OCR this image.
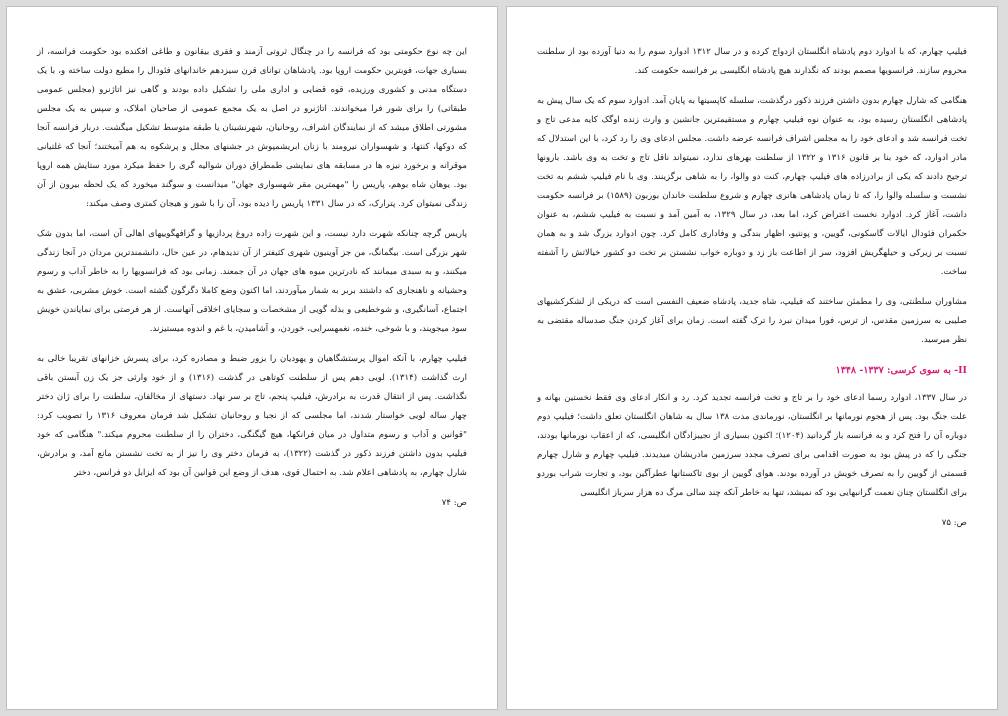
این چه نوع حکومتی بود که فرانسه را در چنگال ثروتی آزمند و فقری بیقانون و طاغی افکنده بود حکومت فرانسه، از بسیاری جهات، فوبترین حکومت اروپا بود. پادشاهان توانای قرن سیزدهم خاندانهای فئودال را مطیع دولت ساخته و، با یک دستگاه مدنی و کشوری ورزیده، قوه قضایی و اداری ملی را تشکیل داده بودند و گاهی نیز اتاژنرو (مجلس عمومی طبقاتی) را برای شور فرا میخواندند. اتاژنرو در اصل به یک مجمع عمومی از صاحبان املاک، و سپس به یک مجلس مشورتی اطلاق میشد که از نمایندگان اشراف، روحانیان، شهرنشینان یا طبقه متوسط تشکیل میگشت. دربار فرانسه آنجا که دوکها، کنتها، و شهسواران نیرومند با زنان ابریشمپوش در جشنهای مجلل و پرشکوه به هم آمیختند؛ آنجا که غلتیانی موقرانه و برخورد نیزه ها در مسابقه های نمایشی طمطراق دوران شوالیه گری را حفظ میکرد مورد ستایش همه اروپا بود. یوهان شاه بوهم، پاریس را "مهمترین مقر شهسواری جهان" میدانست و سوگند میخورد که یک لحظه بیرون از آن زندگی نمیتوان کرد. پترارک، که در سال ١٣٣١ پاریس را دیده بود، آن را با شور و هیجان کمتری وصف میکند:

پاریس گرچه چنانکه شهرت دارد نیست، و این شهرت زاده دروغ پردازیها و گزافهگوییهای اهالی آن است، اما بدون شک شهر بزرگی است. بیگمانگ، من جز آوینیون شهری کثیفتر از آن ندیدهام، در عین حال، دانشمندترین مردان در آنجا زندگی میکنند، و به سبدی میمانند که نادرترین میوه های جهان در آن جمعند. زمانی بود که فرانسویها را به خاطر آداب و رسوم وحشیانه و ناهنجاری که داشتند بربر به شمار میآوردند، اما اکنون وضع کاملا دگرگون گشته است. خوش مشربی، عشق به اجتماع، آسانگیری، و شوخطبعی و بذله گویی از مشخصات و سجایای اخلاقی آنهاست. از هر فرصتی برای نمایاندن خویش سود میجویند، و با شوخی، خنده، نغمهسرایی، خوردن، و آشامیدن، با غم و اندوه میستیزند.

فیلیپ چهارم، با آنکه اموال پرستشگاهیان و یهودیان را بزور ضبط و مصادره کرد، برای پسرش خزانهای تقریبا خالی به ارث گذاشت (١٣١۴). لویی دهم پس از سلطنت کوتاهی در گذشت (١٣١۶) و از خود وارثی جز یک زن آبستن باقی نگذاشت. پس از انتقال قدرت به برادرش، فیلیپ پنجم، تاج بر سر نهاد. دستهای از مخالفان، سلطنت را برای ژان دختر چهار ساله لویی خواستار شدند، اما مجلسی که از نجبا و روحانیان تشکیل شد فرمان معروف ١٣١۶ را تصویب کرد: "قوانین و آداب و رسوم متداول در میان فرانکها، هیچ گیگنگی، دختران را از سلطنت محروم میکند." هنگامی که خود فیلیپ بدون داشتن فرزند ذکور در گذشت (١٣٢٢)، به فرمان دختر وی را نیز از به تخت نشستن مانع آمد، و برادرش، شارل چهارم، به پادشاهی اعلام شد. به احتمال قوی، هدف از وضع این قوانین آن بود که ایزابل دو فرانس، دختر

ص: ٧۴

فیلیپ چهارم، که با ادوارد دوم پادشاه انگلستان ازدواج کرده و در سال ١٣١٢ ادوارد سوم را به دنیا آورده بود از سلطنت محروم سازند. فرانسویها مصمم بودند که نگذارند هیچ پادشاه انگلیسی بر فرانسه حکومت کند.

هنگامی که شارل چهارم بدون داشتن فرزند ذکور درگذشت، سلسله کاپسینها به پایان آمد. ادوارد سوم که یک سال پیش به پادشاهی انگلستان رسیده بود، به عنوان نوه فیلیپ چهارم و مستقیمترین جانشین و وارث زنده اوگک کایه مدعی تاج و تخت فرانسه شد و ادعای خود را به مجلس اشراف فرانسه عرضه داشت. مجلس ادعای وی را رد کرد، با این استدلال که مادر ادوارد، که خود بنا بر قانون ١٣١۶ و ١٣٢٢ از سلطنت بهرهای ندارد، نمیتواند ناقل تاج و تخت به وی باشد. بارونها ترجیح دادند که یکی از برادرزاده های فیلیپ چهارم، کنت دو والوا، را به شاهی برگزینند. وی با نام فیلیپ ششم به تخت نشست و سلسله والوا را، که تا زمان پادشاهی هانری چهارم و شروع سلطنت خاندان بوربون (١۵٨٩) بر فرانسه حکومت داشت، آغاز کرد. ادوارد نخست اعتراض کرد، اما بعد، در سال ١٣٢٩، به آمین آمد و نسبت به فیلیپ ششم، به عنوان حکمران فئودال ایالات گاسکونی، گویین، و پونتیو، اظهار بندگی و وفاداری کامل کرد. چون ادوارد بزرگ شد و به همان نسبت بر زیرکی و حیلهگریش افزود، سر از اطاعت باز زد و دوباره خواب نشستن بر تخت دو کشور خیالاتش را آشفته ساخت.

مشاوران سلطنتی، وی را مطمئن ساختند که فیلیپ، شاه جدید، پادشاه ضعیف النفسی است که دریکی از لشکرکشیهای صلیبی به سرزمین مقدس، از ترس، فورا میدان نبرد را ترک گفته است. زمان برای آغاز کردن جنگ صدساله مقتضی به نظر میرسید.

II- به سوی کرسی: ١٣٣٧- ١٣۴٨

در سال ١٣٣٧، ادوارد رسما ادعای خود را بر تاج و تخت فرانسه تجدید کرد. رد و انکار ادعای وی فقط نخستین بهانه و علت جنگ بود. پس از هجوم نورمانها بر انگلستان، نورماندی مدت ١٣٨ سال به شاهان انگلستان تعلق داشت؛ فیلیپ دوم دوباره آن را فتح کرد و به فرانسه باز گردانید (١٢٠۴)؛ اکنون بسیاری از نجیبزادگان انگلیسی، که از اعقاب نورمانها بودند، جنگی را که در پیش بود به صورت اقدامی برای تصرف مجدد سرزمین مادریشان میدیدند. فیلیپ چهارم و شارل چهارم قسمتی از گویین را به تصرف خویش در آورده بودند. هوای گویین از بوی تاکستانها عطرآگین بود، و تجارت شراب بوردو برای انگلستان چنان نعمت گرانبهایی بود که نمیشد، تنها به خاطر آنکه چند سالی مرگ ده هزار سرباز انگلیسی

ص: ٧۵
